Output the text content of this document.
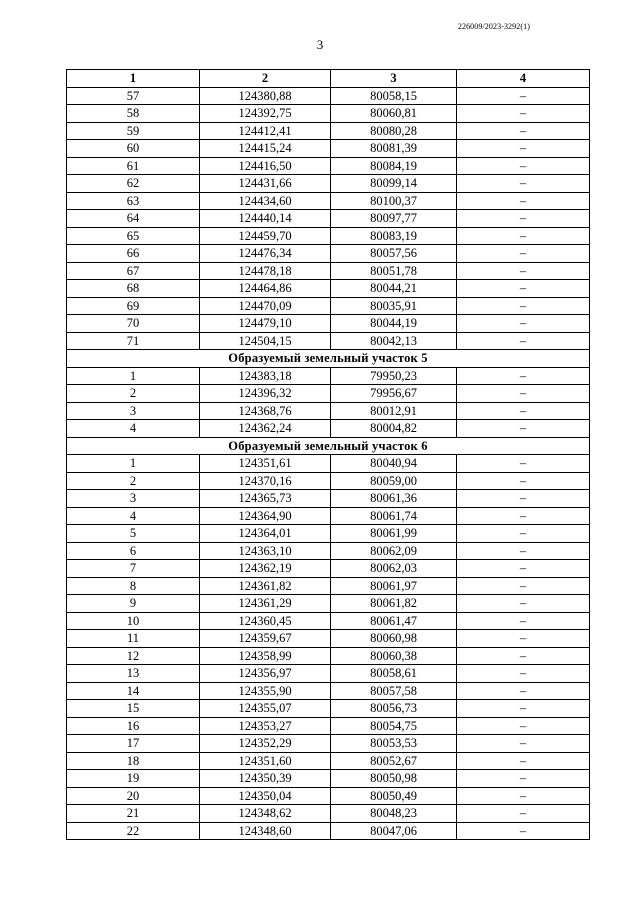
226009/2023-3292(1)
3
1	2	3	4
57	124380,88	80058,15	–
58	124392,75	80060,81	–
59	124412,41	80080,28	–
60	124415,24	80081,39	–
61	124416,50	80084,19	–
62	124431,66	80099,14	–
63	124434,60	80100,37	–
64	124440,14	80097,77	–
65	124459,70	80083,19	–
66	124476,34	80057,56	–
67	124478,18	80051,78	–
68	124464,86	80044,21	–
69	124470,09	80035,91	–
70	124479,10	80044,19	–
71	124504,15	80042,13	–
Образуемый земельный участок 5			
1	124383,18	79950,23	–
2	124396,32	79956,67	–
3	124368,76	80012,91	–
4	124362,24	80004,82	–
Образуемый земельный участок 6			
1	124351,61	80040,94	–
2	124370,16	80059,00	–
3	124365,73	80061,36	–
4	124364,90	80061,74	–
5	124364,01	80061,99	–
6	124363,10	80062,09	–
7	124362,19	80062,03	–
8	124361,82	80061,97	–
9	124361,29	80061,82	–
10	124360,45	80061,47	–
11	124359,67	80060,98	–
12	124358,99	80060,38	–
13	124356,97	80058,61	–
14	124355,90	80057,58	–
15	124355,07	80056,73	–
16	124353,27	80054,75	–
17	124352,29	80053,53	–
18	124351,60	80052,67	–
19	124350,39	80050,98	–
20	124350,04	80050,49	–
21	124348,62	80048,23	–
22	124348,60	80047,06	–
